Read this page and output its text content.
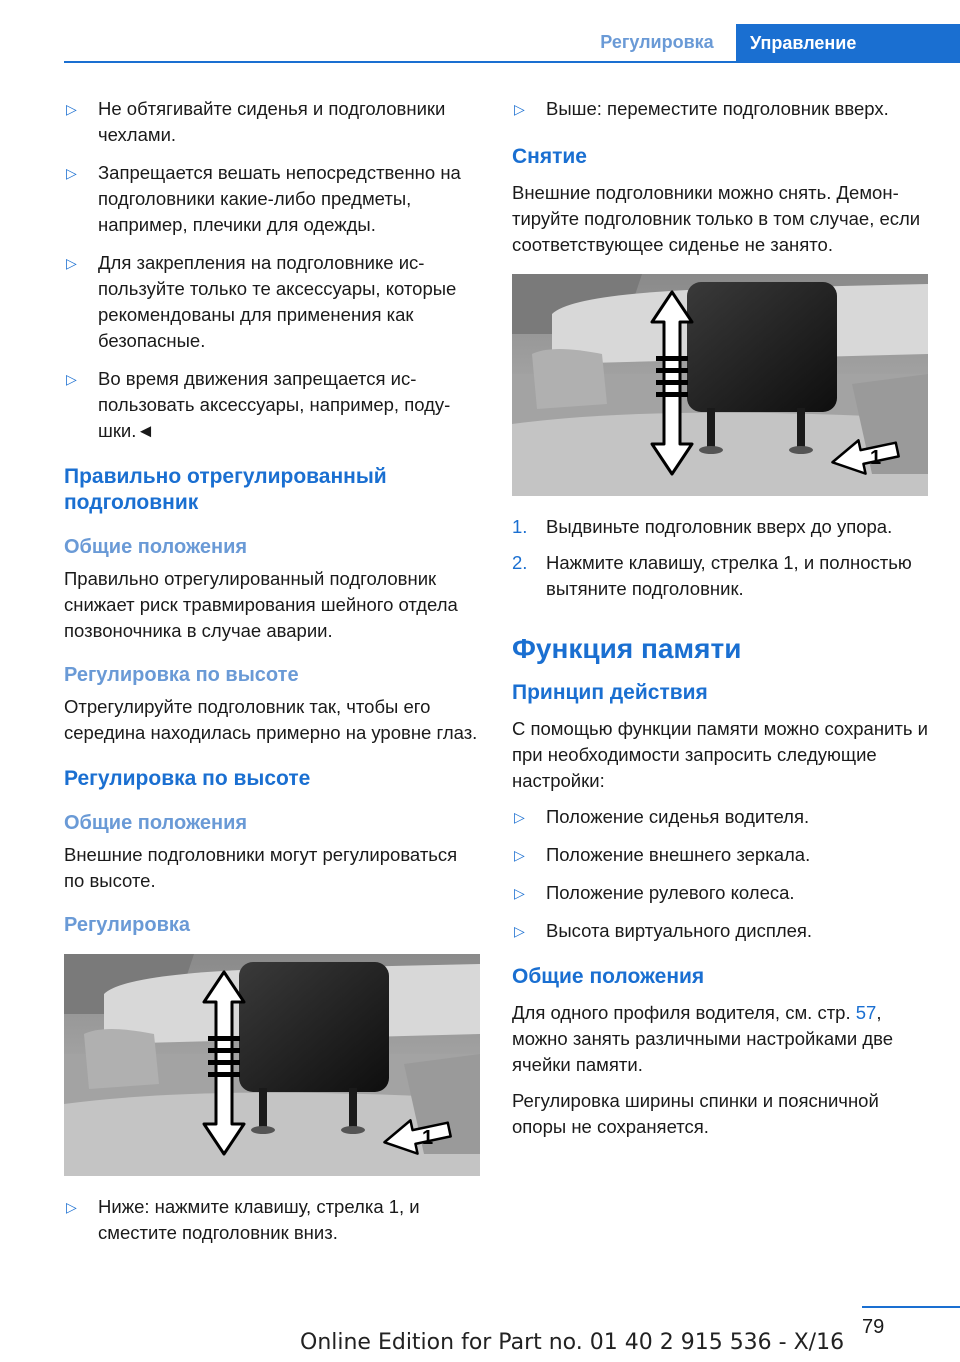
Регулировка	Управление
▷	Не обтягивайте сиденья и подголовники чехлами.
▷	Запрещается вешать непосредственно на подголовники какие-либо предметы, например, плечики для одежды.
▷	Для закрепления на подголовнике используйте только те аксессуары, которые рекомендованы для применения как безопасные.
▷	Во время движения запрещается использовать аксессуары, например, подушки.◄
Правильно отрегулированный подголовник
Общие положения
Правильно отрегулированный подголовник снижает риск травмирования шейного отдела позвоночника в случае аварии.
Регулировка по высоте
Отрегулируйте подголовник так, чтобы его середина находилась примерно на уровне глаз.
Регулировка по высоте
Общие положения
Внешние подголовники могут регулироваться по высоте.
Регулировка
1
▷	Ниже: нажмите клавишу, стрелка 1, и сместите подголовник вниз.
▷	Выше: переместите подголовник вверх.
Снятие
Внешние подголовники можно снять. Демонтируйте подголовник только в том случае, если соответствующее сиденье не занято.
1
1.	Выдвиньте подголовник вверх до упора.
2.	Нажмите клавишу, стрелка 1, и полностью вытяните подголовник.
Функция памяти
Принцип действия
С помощью функции памяти можно сохранить и при необходимости запросить следующие настройки:
▷	Положение сиденья водителя.
▷	Положение внешнего зеркала.
▷	Положение рулевого колеса.
▷	Высота виртуального дисплея.
Общие положения
Для одного профиля водителя, см. стр. 57, можно занять различными настройками две ячейки памяти.
Регулировка ширины спинки и поясничной опоры не сохраняется.
79
Online Edition for Part no. 01 40 2 915 536 - X/16
